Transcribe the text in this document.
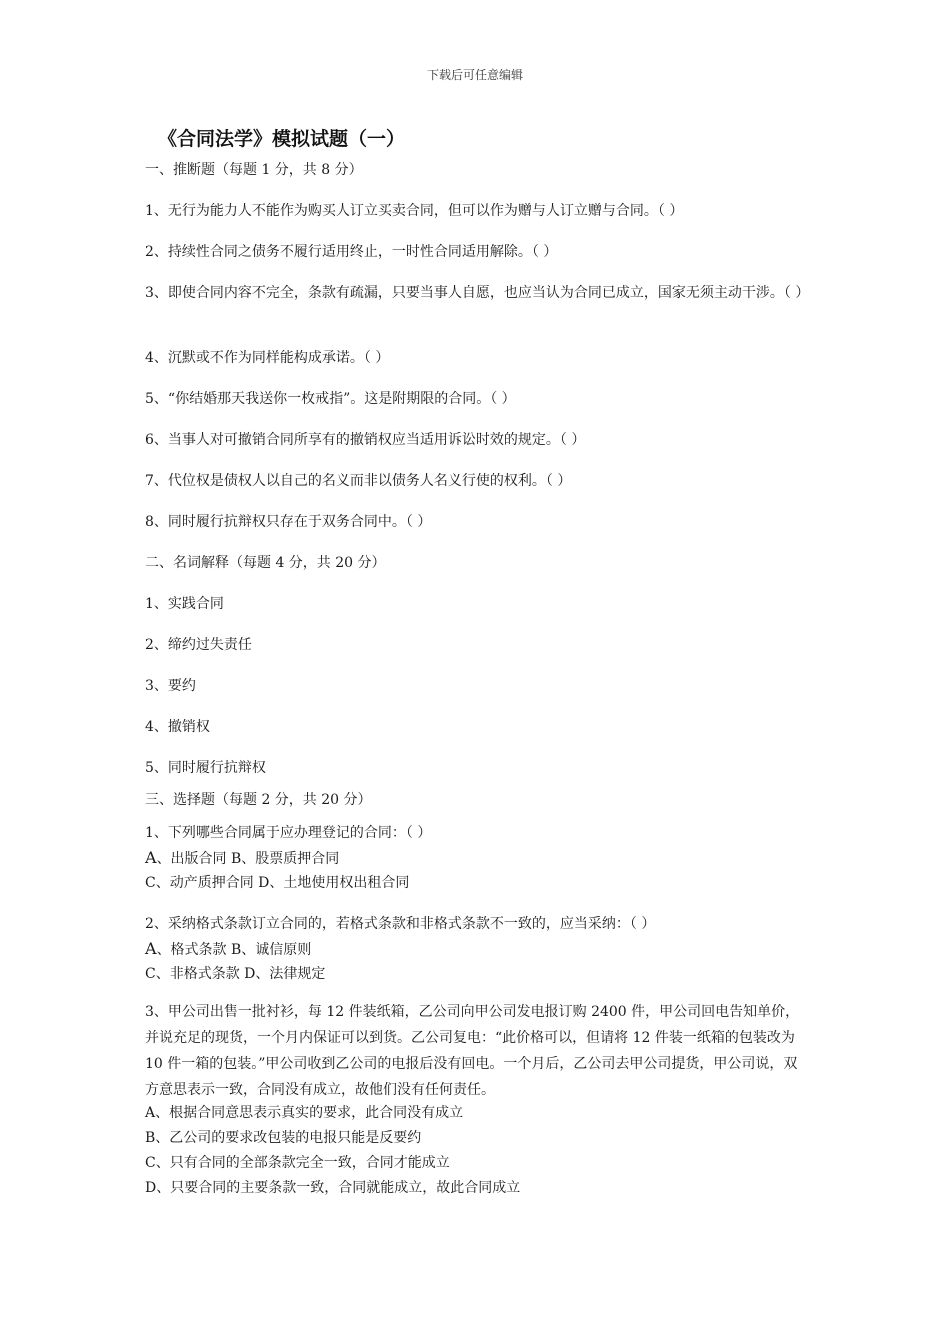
下载后可任意编辑
《合同法学》模拟试题（一）
一、推断题（每题 1 分，共 8 分）
1、无行为能力人不能作为购买人订立买卖合同，但可以作为赠与人订立赠与合同。（ ）
2、持续性合同之债务不履行适用终止，一时性合同适用解除。（ ）
3、即使合同内容不完全，条款有疏漏，只要当事人自愿，也应当认为合同已成立，国家无须主动干涉。（ ）
4、沉默或不作为同样能构成承诺。（ ）
5、“你结婚那天我送你一枚戒指”。这是附期限的合同。（ ）
6、当事人对可撤销合同所享有的撤销权应当适用诉讼时效的规定。（ ）
7、代位权是债权人以自己的名义而非以债务人名义行使的权利。（ ）
8、同时履行抗辩权只存在于双务合同中。（ ）
二、名词解释（每题 4 分，共 20 分）
1、实践合同
2、缔约过失责任
3、要约
4、撤销权
5、同时履行抗辩权
三、选择题（每题 2 分，共 20 分）
1、下列哪些合同属于应办理登记的合同：（ ）
A、出版合同 B、股票质押合同
C、动产质押合同 D、土地使用权出租合同
2、采纳格式条款订立合同的，若格式条款和非格式条款不一致的，应当采纳：（ ）
A、格式条款 B、诚信原则
C、非格式条款 D、法律规定
3、甲公司出售一批衬衫，每 12 件装纸箱，乙公司向甲公司发电报订购 2400 件，甲公司回电告知单价，并说充足的现货，一个月内保证可以到货。乙公司复电：“此价格可以，但请将 12 件装一纸箱的包装改为 10 件一箱的包装。”甲公司收到乙公司的电报后没有回电。一个月后，乙公司去甲公司提货，甲公司说，双方意思表示一致，合同没有成立，故他们没有任何责任。
A、根据合同意思表示真实的要求，此合同没有成立
B、乙公司的要求改包装的电报只能是反要约
C、只有合同的全部条款完全一致，合同才能成立
D、只要合同的主要条款一致，合同就能成立，故此合同成立
